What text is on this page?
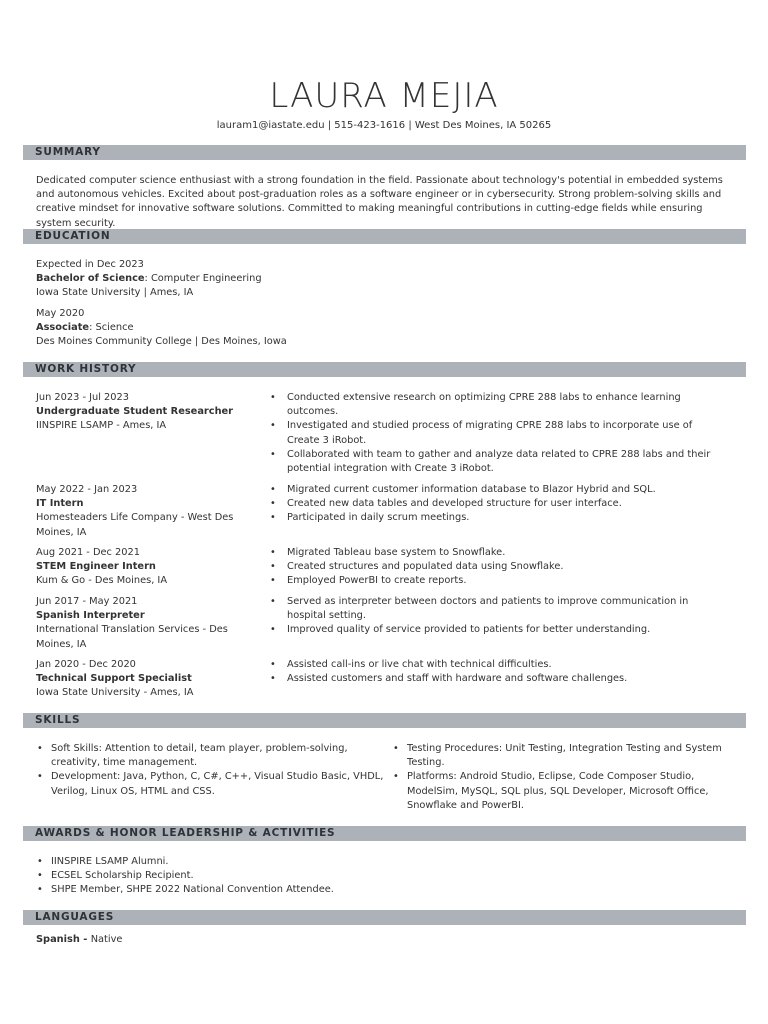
LAURA MEJIA
lauram1@iastate.edu | 515-423-1616 | West Des Moines, IA 50265
SUMMARY
Dedicated computer science enthusiast with a strong foundation in the field. Passionate about technology's potential in embedded systems and autonomous vehicles. Excited about post-graduation roles as a software engineer or in cybersecurity. Strong problem-solving skills and creative mindset for innovative software solutions. Committed to making meaningful contributions in cutting-edge fields while ensuring system security.
EDUCATION
Expected in Dec 2023
Bachelor of Science: Computer Engineering
Iowa State University | Ames, IA
May 2020
Associate: Science
Des Moines Community College | Des Moines, Iowa
WORK HISTORY
Jun 2023 - Jul 2023
Undergraduate Student Researcher
IINSPIRE LSAMP - Ames, IA
• Conducted extensive research on optimizing CPRE 288 labs to enhance learning outcomes.
• Investigated and studied process of migrating CPRE 288 labs to incorporate use of Create 3 iRobot.
• Collaborated with team to gather and analyze data related to CPRE 288 labs and their potential integration with Create 3 iRobot.
May 2022 - Jan 2023
IT Intern
Homesteaders Life Company - West Des Moines, IA
• Migrated current customer information database to Blazor Hybrid and SQL.
• Created new data tables and developed structure for user interface.
• Participated in daily scrum meetings.
Aug 2021 - Dec 2021
STEM Engineer Intern
Kum & Go - Des Moines, IA
• Migrated Tableau base system to Snowflake.
• Created structures and populated data using Snowflake.
• Employed PowerBI to create reports.
Jun 2017 - May 2021
Spanish Interpreter
International Translation Services - Des Moines, IA
• Served as interpreter between doctors and patients to improve communication in hospital setting.
• Improved quality of service provided to patients for better understanding.
Jan 2020 - Dec 2020
Technical Support Specialist
Iowa State University - Ames, IA
• Assisted call-ins or live chat with technical difficulties.
• Assisted customers and staff with hardware and software challenges.
SKILLS
• Soft Skills: Attention to detail, team player, problem-solving, creativity, time management.
• Development: Java, Python, C, C#, C++, Visual Studio Basic, VHDL, Verilog, Linux OS, HTML and CSS.
• Testing Procedures: Unit Testing, Integration Testing and System Testing.
• Platforms: Android Studio, Eclipse, Code Composer Studio, ModelSim, MySQL, SQL plus, SQL Developer, Microsoft Office, Snowflake and PowerBI.
AWARDS & HONOR LEADERSHIP & ACTIVITIES
• IINSPIRE LSAMP Alumni.
• ECSEL Scholarship Recipient.
• SHPE Member, SHPE 2022 National Convention Attendee.
LANGUAGES
Spanish - Native
